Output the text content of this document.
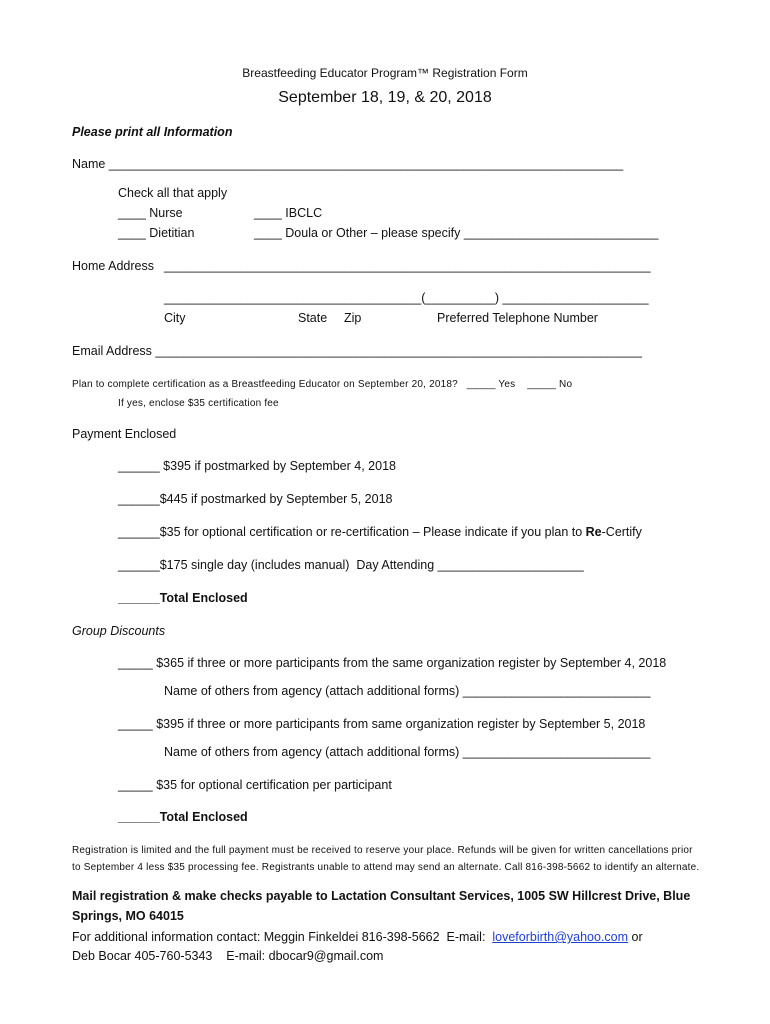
Breastfeeding Educator Program™ Registration Form
September 18, 19, & 20, 2018
Please print all Information
Name __________________________________________________________________________
Check all that apply
____ Nurse
____ Dietitian
____ IBCLC
____ Doula or Other – please specify ____________________________
Home Address ______________________________________________________________________
_____________________________________(__________) _____________________
City	State Zip	Preferred Telephone Number
Email Address ______________________________________________________________________
Plan to complete certification as a Breastfeeding Educator on September 20, 2018?   _____ Yes    _____ No
If yes, enclose $35 certification fee
Payment Enclosed
______ $395 if postmarked by September 4, 2018
______$445 if postmarked by September 5, 2018
______$35 for optional certification or re-certification – Please indicate if you plan to Re-Certify
______$175 single day (includes manual)  Day Attending _____________________
______Total Enclosed
Group Discounts
_____ $365 if three or more participants from the same organization register by September 4, 2018
Name of others from agency (attach additional forms) ___________________________
_____ $395 if three or more participants from same organization register by September 5, 2018
Name of others from agency (attach additional forms) ___________________________
_____ $35 for optional certification per participant
______Total Enclosed
Registration is limited and the full payment must be received to reserve your place. Refunds will be given for written cancellations prior
to September 4 less $35 processing fee. Registrants unable to attend may send an alternate. Call 816-398-5662 to identify an alternate.
Mail registration & make checks payable to Lactation Consultant Services, 1005 SW Hillcrest Drive, Blue
Springs, MO 64015
For additional information contact: Meggin Finkeldei 816-398-5662  E-mail:  loveforbirth@yahoo.com or
Deb Bocar 405-760-5343    E-mail: dbocar9@gmail.com
